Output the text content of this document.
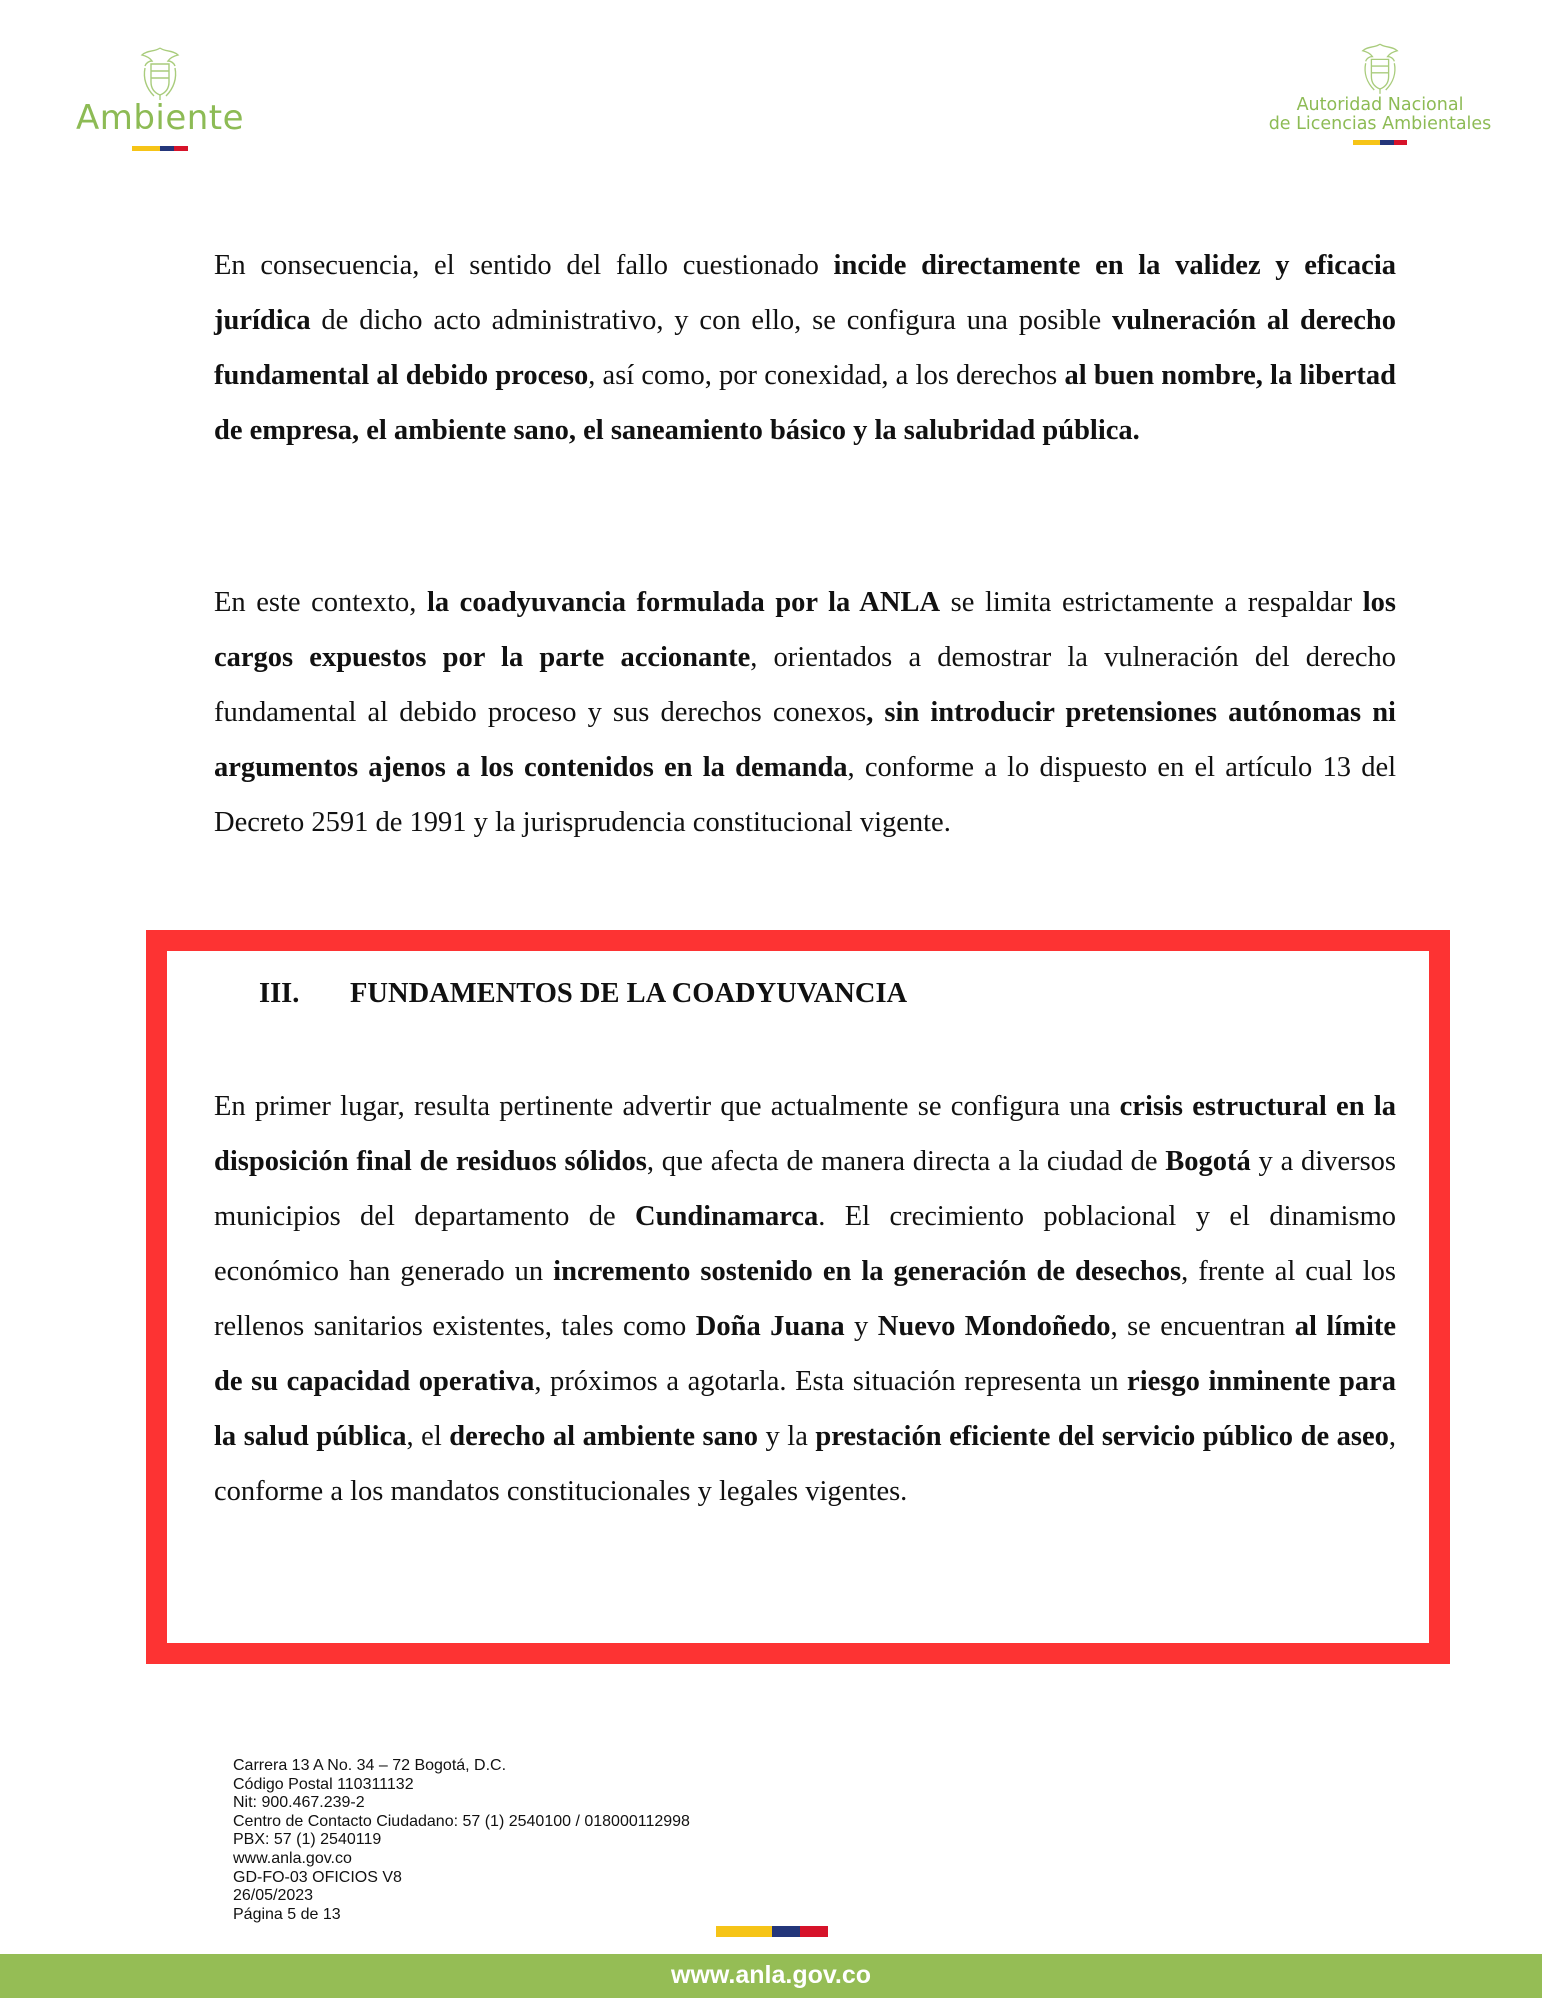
Ambiente	Autoridad Nacional
de Licencias Ambientales
En consecuencia, el sentido del fallo cuestionado incide directamente en la validez y eficacia jurídica de dicho acto administrativo, y con ello, se configura una posible vulneración al derecho fundamental al debido proceso, así como, por conexidad, a los derechos al buen nombre, la libertad de empresa, el ambiente sano, el saneamiento básico y la salubridad pública.
En este contexto, la coadyuvancia formulada por la ANLA se limita estrictamente a respaldar los cargos expuestos por la parte accionante, orientados a demostrar la vulneración del derecho fundamental al debido proceso y sus derechos conexos, sin introducir pretensiones autónomas ni argumentos ajenos a los contenidos en la demanda, conforme a lo dispuesto en el artículo 13 del Decreto 2591 de 1991 y la jurisprudencia constitucional vigente.
III. FUNDAMENTOS DE LA COADYUVANCIA
En primer lugar, resulta pertinente advertir que actualmente se configura una crisis estructural en la disposición final de residuos sólidos, que afecta de manera directa a la ciudad de Bogotá y a diversos municipios del departamento de Cundinamarca. El crecimiento poblacional y el dinamismo económico han generado un incremento sostenido en la generación de desechos, frente al cual los rellenos sanitarios existentes, tales como Doña Juana y Nuevo Mondoñedo, se encuentran al límite de su capacidad operativa, próximos a agotarla. Esta situación representa un riesgo inminente para la salud pública, el derecho al ambiente sano y la prestación eficiente del servicio público de aseo, conforme a los mandatos constitucionales y legales vigentes.
Carrera 13 A No. 34 – 72 Bogotá, D.C.
Código Postal 110311132
Nit: 900.467.239-2
Centro de Contacto Ciudadano: 57 (1) 2540100 / 018000112998
PBX: 57 (1) 2540119
www.anla.gov.co
GD-FO-03 OFICIOS V8
26/05/2023
Página 5 de 13
www.anla.gov.co
